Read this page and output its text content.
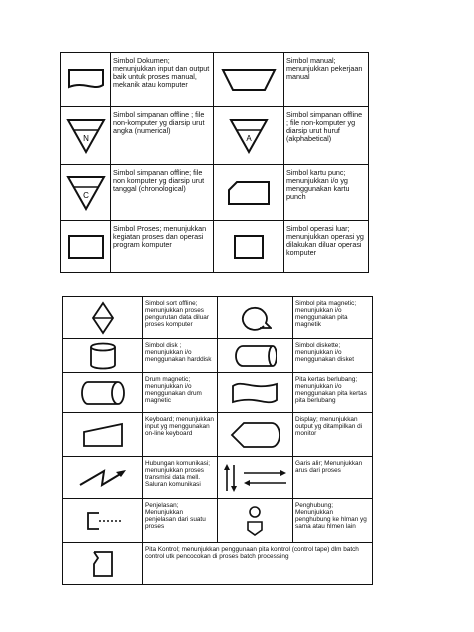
	Simbol Dokumen; menunjukkan input dan output baik untuk proses manual, mekanik atau komputer		Simbol manual; menunjukkan pekerjaan manual

N	Simbol simpanan offline ; file non-komputer yg diarsip urut angka (numerical)	A	Simbol simpanan offline ; file non-komputer yg diarsip urut huruf (akphabetical)

C	Simbol simpanan offline; file non komputer yg diarsip urut tanggal (chronological)		Simbol kartu punc; menunjukkan i/o yg menggunakan kartu punch

	Simbol Proses; menunjukkan kegiatan proses dan operasi program komputer		Simbol operasi luar; menunjukkan operasi yg dilakukan diluar operasi komputer
	Simbol sort offline; menunjukkan proses pengurutan data diluar proses komputer		Simbol pita magnetic; menunjukkan i/o menggunakan pita magnetik

	Simbol disk ; menunjukkan i/o menggunakan harddisk		Simbol diskette; menunjukkan i/o menggunakan disket

	Drum magnetic; menunjukkan i/o menggunakan drum magnetic		Pita kertas berlubang; menunjukkan i/o menggunakan pita kertas pita berlubang

	Keyboard; menunjukkan input yg menggunakan on-line keyboard		Display; menunjukkan output yg ditampilkan di monitor

	Hubungan komunikasi; menunjukkan proses transmisi data mell. Saluran komunikasi		Garis alir; Menunjukkan arus dari proses

	Penjelasan; Menunjukkan penjelasan dari suatu proses		Penghubung; Menunjukkan penghubung ke hlman yg sama atau hlmen lain

	Pita Kontrol; menunjukkan penggunaan pita kontrol (control tape) dlm batch control utk pencocokan di proses batch processing		
